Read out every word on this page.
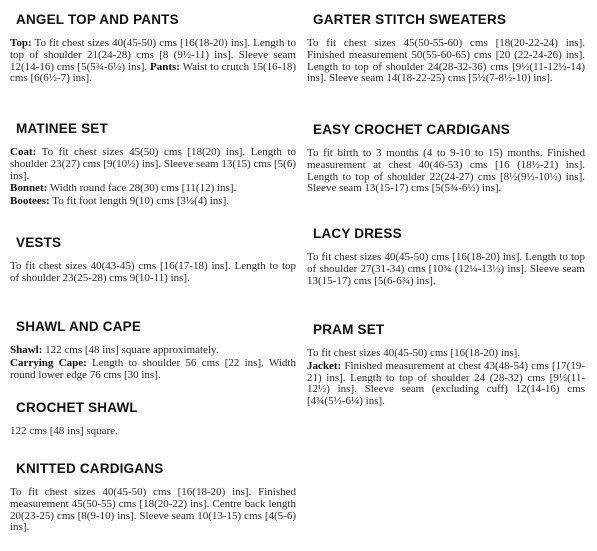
ANGEL TOP AND PANTS

Top: To fit chest sizes 40(45-50) cms [16(18-20) ins]. Length to top of shoulder 21(24-28) cms [8 (9½-11) ins]. Sleeve seam 12(14-16) cms [5(5¾-6½) ins]. Pants: Waist to crutch 15(16-18) cms [6(6½-7) ins].

MATINEE SET

Coat: To fit chest sizes 45(50) cms [18(20) ins]. Length to shoulder 23(27) cms [9(10½) ins]. Sleeve seam 13(15) cms [5(6) ins].

Bonnet: Width round face 28(30) cms [11(12) ins].

Bootees: To fit foot length 9(10) cms [3½(4) ins].

VESTS

To fit chest sizes 40(43-45) cms [16(17-18) ins]. Length to top of shoulder 23(25-28) cms 9(10-11) ins].

SHAWL AND CAPE

Shawl: 122 cms [48 ins] square approximately.

Carrying Cape: Length to shoulder 56 cms [22 ins]. Width round lower edge 76 cms [30 ins].

CROCHET SHAWL

122 cms [48 ins] square.

KNITTED CARDIGANS

To fit chest sizes 40(45-50) cms [16(18-20) ins]. Finished measurement 45(50-55) cms [18(20-22) ins]. Centre back length 20(23-25) cms [8(9-10) ins]. Sleeve seam 10(13-15) cms [4(5-6) ins].

GARTER STITCH SWEATERS

To fit chest sizes 45(50-55-60) cms [18(20-22-24) ins]. Finished measurement 50(55-60-65) cms [20 (22-24-26) ins]. Length to top of shoulder 24(28-32-36) cms [9½(11-12½-14) ins]. Sleeve seam 14(18-22-25) cms [5½(7-8½-10) ins].

EASY CROCHET CARDIGANS

To fit birth to 3 months (4 to 9-10 to 15) months. Finished measurement at chest 40(46-53) cms [16 (18½-21) ins]. Length to top of shoulder 22(24-27) cms [8½(9½-10½) ins]. Sleeve seam 13(15-17) cms [5(5¾-6½) ins].

LACY DRESS

To fit chest sizes 40(45-50) cms [16(18-20) ins]. Length to top of shoulder 27(31-34) cms [10¾ (12¼-13½) ins]. Sleeve seam 13(15-17) cms [5(6-6¾) ins].

PRAM SET

To fit chest sizes 40(45-50) cms [16(18-20) ins].

Jacket: Finished measurement at chest 43(48-54) cms [17(19-21) ins]. Length to top of shoulder 24 (28-32) cms [9½(11-12½) ins]. Sleeve seam (excluding cuff) 12(14-16) cms [4¾(5½-6¼) ins].
